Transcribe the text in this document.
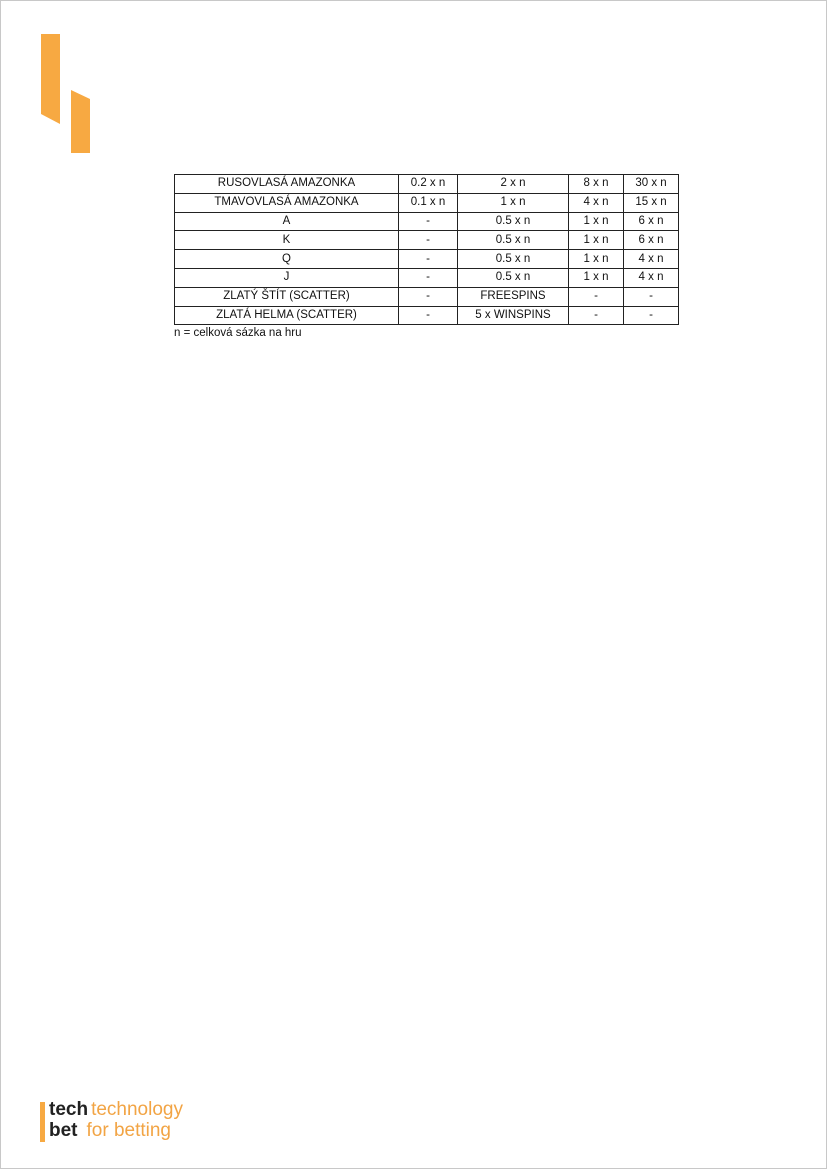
RUSOVLASÁ AMAZONKA	0.2 x n	2 x n	8 x n	30 x n
TMAVOVLASÁ AMAZONKA	0.1 x n	1 x n	4 x n	15 x n
A	-	0.5 x n	1 x n	6 x n
K	-	0.5 x n	1 x n	6 x n
Q	-	0.5 x n	1 x n	4 x n
J	-	0.5 x n	1 x n	4 x n
ZLATÝ ŠTÍT (SCATTER)	-	FREESPINS	-	-
ZLATÁ HELMA (SCATTER)	-	5 x WINSPINS	-	-
n = celková sázka na hru
tech technology
bet for betting
